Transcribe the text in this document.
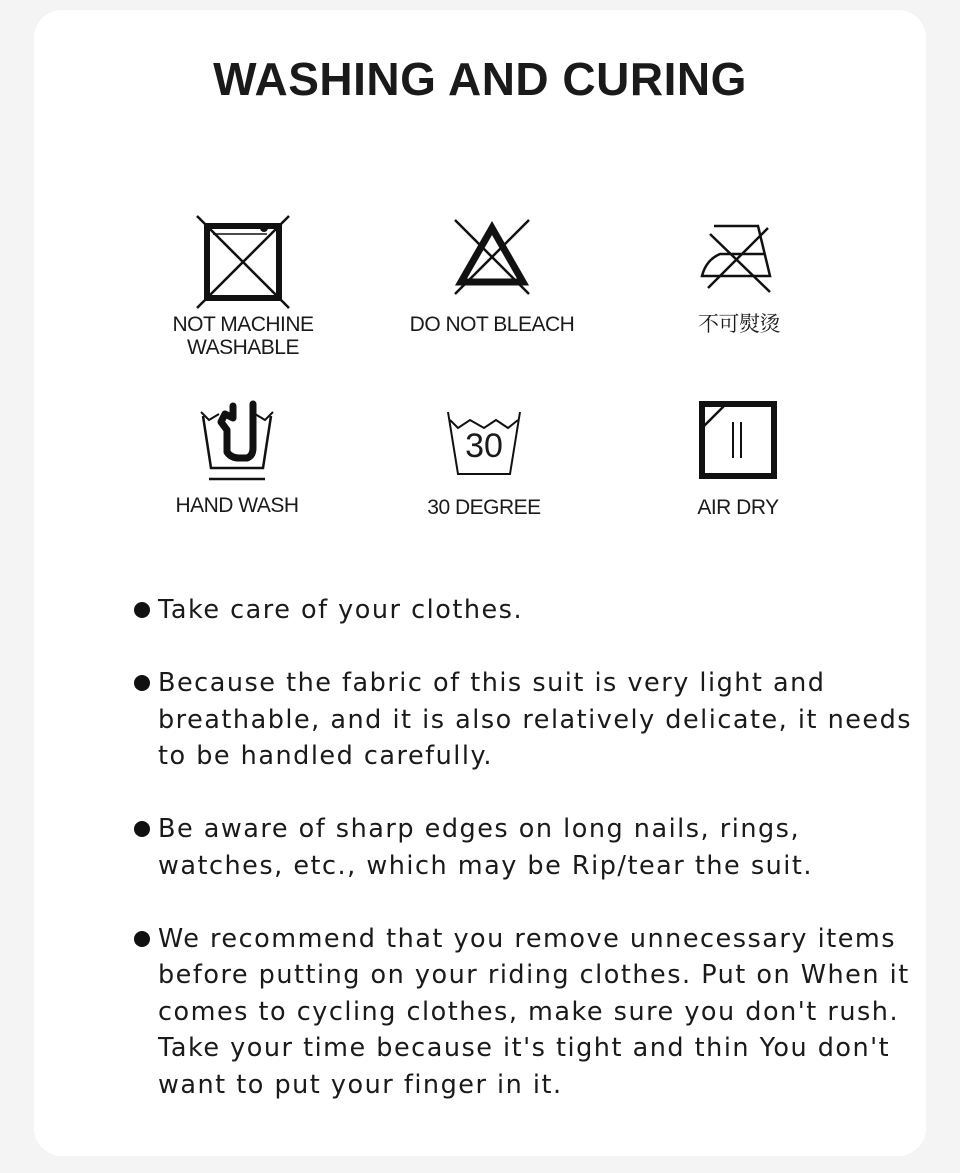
WASHING AND CURING
NOT MACHINE
WASHABLE
DO NOT BLEACH	不可熨烫
HAND WASH
30
30 DEGREE	AIR DRY

Take care of your clothes.

Because the fabric of this suit is very light and breathable, and it is also relatively delicate, it needs to be handled carefully.

Be aware of sharp edges on long nails, rings, watches, etc., which may be Rip/tear the suit.

We recommend that you remove unnecessary items before putting on your riding clothes. Put on When it comes to cycling clothes, make sure you don't rush. Take your time because it's tight and thin You don't want to put your finger in it.
